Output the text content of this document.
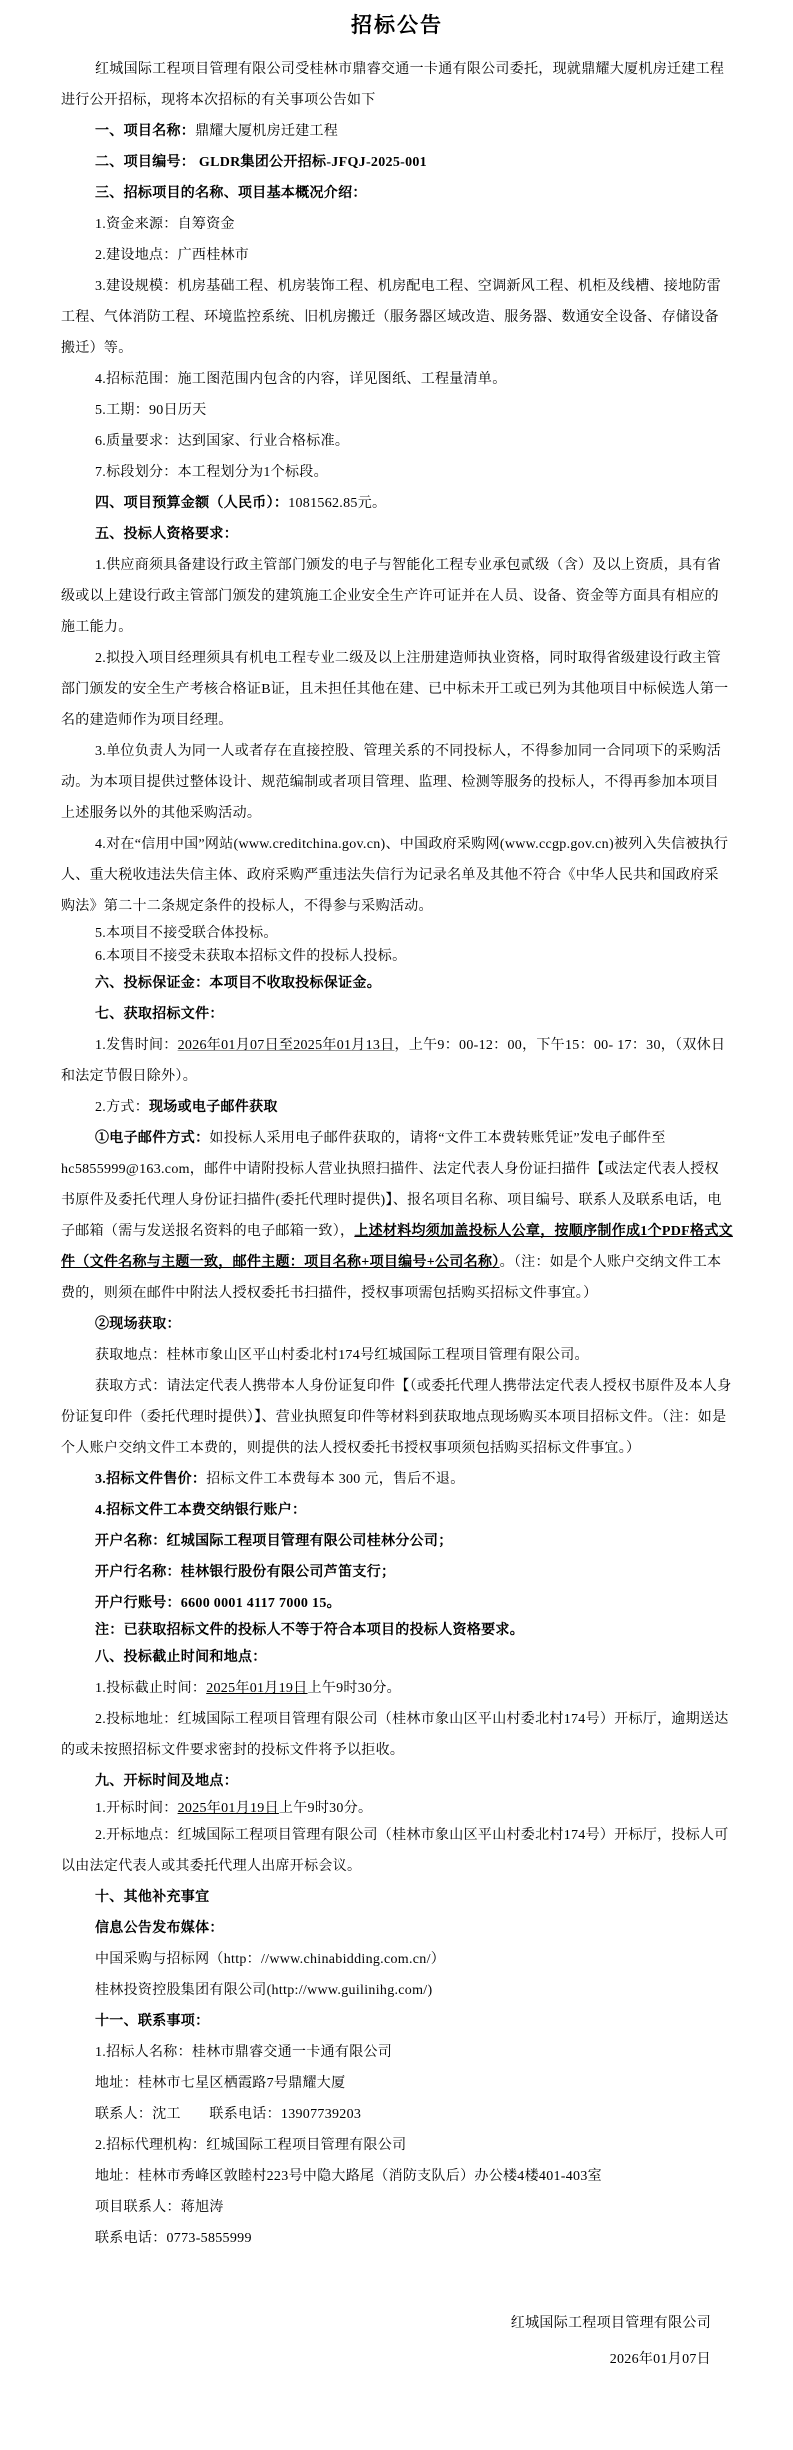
招标公告

红城国际工程项目管理有限公司受桂林市鼎睿交通一卡通有限公司委托，现就鼎耀大厦机房迁建工程进行公开招标，现将本次招标的有关事项公告如下

一、项目名称：鼎耀大厦机房迁建工程

二、项目编号： GLDR集团公开招标-JFQJ-2025-001

三、招标项目的名称、项目基本概况介绍：

1.资金来源：自筹资金

2.建设地点：广西桂林市

3.建设规模：机房基础工程、机房装饰工程、机房配电工程、空调新风工程、机柜及线槽、接地防雷工程、气体消防工程、环境监控系统、旧机房搬迁（服务器区域改造、服务器、数通安全设备、存储设备搬迁）等。

4.招标范围：施工图范围内包含的内容，详见图纸、工程量清单。

5.工期：90日历天

6.质量要求：达到国家、行业合格标准。

7.标段划分：本工程划分为1个标段。

四、项目预算金额（人民币）：1081562.85元。

五、投标人资格要求：

1.供应商须具备建设行政主管部门颁发的电子与智能化工程专业承包贰级（含）及以上资质，具有省级或以上建设行政主管部门颁发的建筑施工企业安全生产许可证并在人员、设备、资金等方面具有相应的施工能力。

2.拟投入项目经理须具有机电工程专业二级及以上注册建造师执业资格，同时取得省级建设行政主管部门颁发的安全生产考核合格证B证，且未担任其他在建、已中标未开工或已列为其他项目中标候选人第一名的建造师作为项目经理。

3.单位负责人为同一人或者存在直接控股、管理关系的不同投标人，不得参加同一合同项下的采购活动。为本项目提供过整体设计、规范编制或者项目管理、监理、检测等服务的投标人，不得再参加本项目上述服务以外的其他采购活动。

4.对在“信用中国”网站(www.creditchina.gov.cn)、中国政府采购网(www.ccgp.gov.cn)被列入失信被执行人、重大税收违法失信主体、政府采购严重违法失信行为记录名单及其他不符合《中华人民共和国政府采购法》第二十二条规定条件的投标人，不得参与采购活动。

5.本项目不接受联合体投标。

6.本项目不接受未获取本招标文件的投标人投标。

六、投标保证金：本项目不收取投标保证金。

七、获取招标文件：

1.发售时间：2026年01月07日至2025年01月13日，上午9：00-12：00，下午15：00- 17：30，（双休日和法定节假日除外）。

2.方式：现场或电子邮件获取

①电子邮件方式：如投标人采用电子邮件获取的，请将“文件工本费转账凭证”发电子邮件至hc5855999@163.com，邮件中请附投标人营业执照扫描件、法定代表人身份证扫描件【或法定代表人授权书原件及委托代理人身份证扫描件(委托代理时提供)】、报名项目名称、项目编号、联系人及联系电话，电子邮箱（需与发送报名资料的电子邮箱一致），上述材料均须加盖投标人公章，按顺序制作成1个PDF格式文件（文件名称与主题一致，邮件主题：项目名称+项目编号+公司名称）。（注：如是个人账户交纳文件工本费的，则须在邮件中附法人授权委托书扫描件，授权事项需包括购买招标文件事宜。）

②现场获取：

获取地点：桂林市象山区平山村委北村174号红城国际工程项目管理有限公司。

获取方式：请法定代表人携带本人身份证复印件【（或委托代理人携带法定代表人授权书原件及本人身份证复印件（委托代理时提供）】、营业执照复印件等材料到获取地点现场购买本项目招标文件。（注：如是个人账户交纳文件工本费的，则提供的法人授权委托书授权事项须包括购买招标文件事宜。）

3.招标文件售价：招标文件工本费每本 300 元，售后不退。

4.招标文件工本费交纳银行账户：

开户名称：红城国际工程项目管理有限公司桂林分公司；

开户行名称：桂林银行股份有限公司芦笛支行；

开户行账号：6600 0001 4117 7000 15。

注：已获取招标文件的投标人不等于符合本项目的投标人资格要求。

八、投标截止时间和地点：

1.投标截止时间：2025年01月19日上午9时30分。

2.投标地址：红城国际工程项目管理有限公司（桂林市象山区平山村委北村174号）开标厅，逾期送达的或未按照招标文件要求密封的投标文件将予以拒收。

九、开标时间及地点：

1.开标时间：2025年01月19日上午9时30分。

2.开标地点：红城国际工程项目管理有限公司（桂林市象山区平山村委北村174号）开标厅，投标人可以由法定代表人或其委托代理人出席开标会议。

十、其他补充事宜

信息公告发布媒体：

中国采购与招标网（http：//www.chinabidding.com.cn/）

桂林投资控股集团有限公司(http://www.guilinihg.com/)

十一、联系事项：

1.招标人名称：桂林市鼎睿交通一卡通有限公司

地址：桂林市七星区栖霞路7号鼎耀大厦

联系人：沈工　　联系电话：13907739203

2.招标代理机构：红城国际工程项目管理有限公司

地址：桂林市秀峰区敦睦村223号中隐大路尾（消防支队后）办公楼4楼401-403室

项目联系人：蒋旭涛

联系电话：0773-5855999

红城国际工程项目管理有限公司

2026年01月07日
